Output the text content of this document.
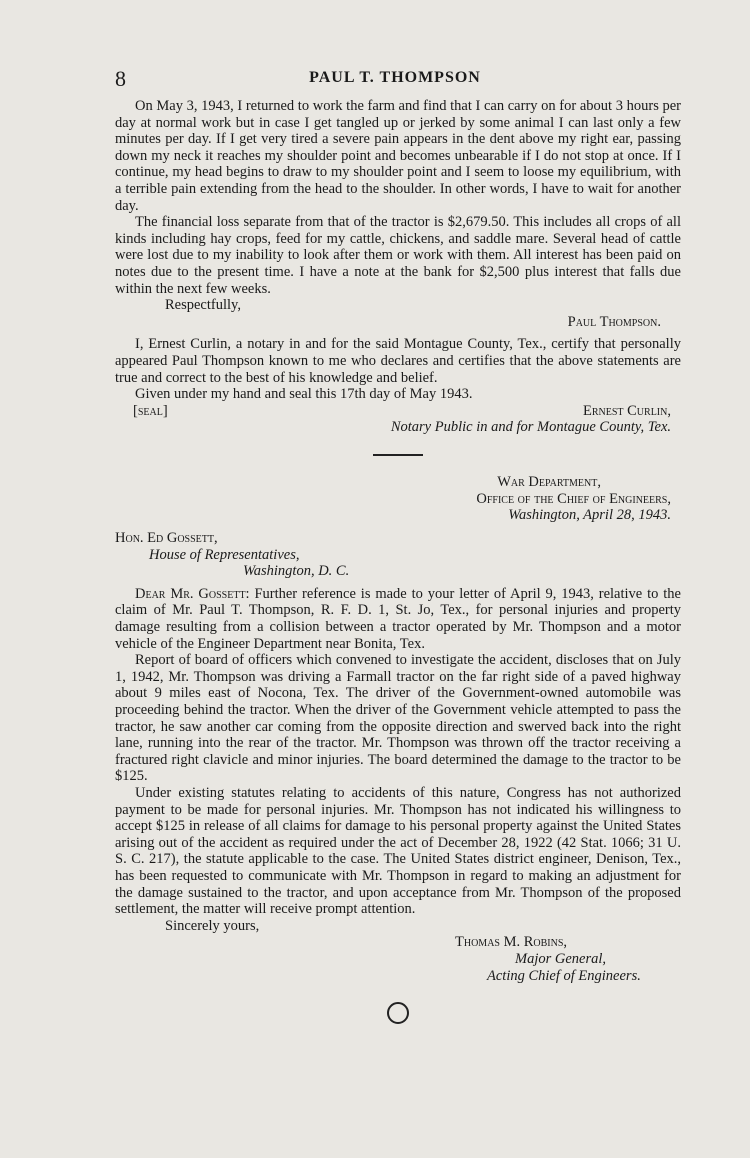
8	PAUL T. THOMPSON

On May 3, 1943, I returned to work the farm and find that I can carry on for about 3 hours per day at normal work but in case I get tangled up or jerked by some animal I can last only a few minutes per day. If I get very tired a severe pain appears in the dent above my right ear, passing down my neck it reaches my shoulder point and becomes unbearable if I do not stop at once. If I continue, my head begins to draw to my shoulder point and I seem to loose my equilibrium, with a terrible pain extending from the head to the shoulder. In other words, I have to wait for another day.

The financial loss separate from that of the tractor is $2,679.50. This includes all crops of all kinds including hay crops, feed for my cattle, chickens, and saddle mare. Several head of cattle were lost due to my inability to look after them or work with them. All interest has been paid on notes due to the present time. I have a note at the bank for $2,500 plus interest that falls due within the next few weeks.

Respectfully,

Paul Thompson.

I, Ernest Curlin, a notary in and for the said Montague County, Tex., certify that personally appeared Paul Thompson known to me who declares and certifies that the above statements are true and correct to the best of his knowledge and belief.

Given under my hand and seal this 17th day of May 1943.

Ernest Curlin,
[seal]
Notary Public in and for Montague County, Tex.
War Department,
Office of the Chief of Engineers,
Washington, April 28, 1943.
Hon. Ed Gossett,
House of Representatives,
Washington, D. C.

Dear Mr. Gossett: Further reference is made to your letter of April 9, 1943, relative to the claim of Mr. Paul T. Thompson, R. F. D. 1, St. Jo, Tex., for personal injuries and property damage resulting from a collision between a tractor operated by Mr. Thompson and a motor vehicle of the Engineer Department near Bonita, Tex.

Report of board of officers which convened to investigate the accident, discloses that on July 1, 1942, Mr. Thompson was driving a Farmall tractor on the far right side of a paved highway about 9 miles east of Nocona, Tex. The driver of the Government-owned automobile was proceeding behind the tractor. When the driver of the Government vehicle attempted to pass the tractor, he saw another car coming from the opposite direction and swerved back into the right lane, running into the rear of the tractor. Mr. Thompson was thrown off the tractor receiving a fractured right clavicle and minor injuries. The board determined the damage to the tractor to be $125.

Under existing statutes relating to accidents of this nature, Congress has not authorized payment to be made for personal injuries. Mr. Thompson has not indicated his willingness to accept $125 in release of all claims for damage to his personal property against the United States arising out of the accident as required under the act of December 28, 1922 (42 Stat. 1066; 31 U. S. C. 217), the statute applicable to the case. The United States district engineer, Denison, Tex., has been requested to communicate with Mr. Thompson in regard to making an adjustment for the damage sustained to the tractor, and upon acceptance from Mr. Thompson of the proposed settlement, the matter will receive prompt attention.

Sincerely yours,

Thomas M. Robins,
Major General,
Acting Chief of Engineers.
